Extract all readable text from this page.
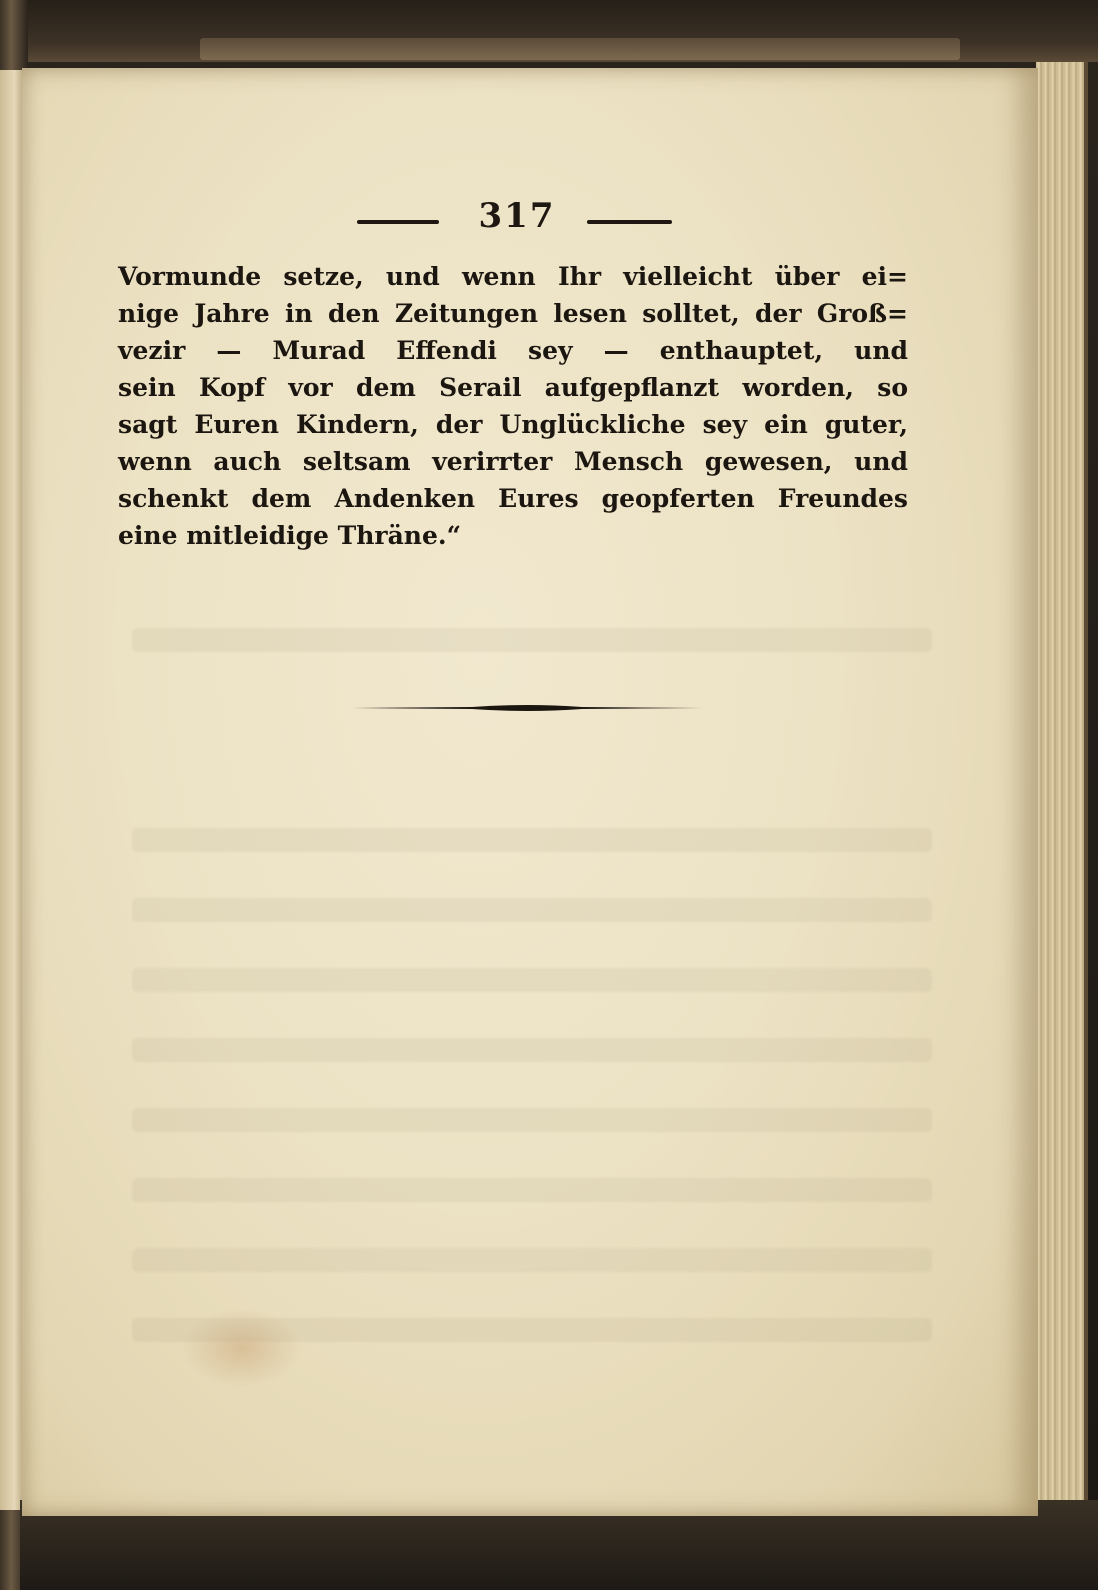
317
Vormunde setze, und wenn Ihr vielleicht über ei=
nige Jahre in den Zeitungen lesen solltet, der Groß=
vezir — Murad Effendi sey — enthauptet, und
sein Kopf vor dem Serail aufgepflanzt worden, so
sagt Euren Kindern, der Unglückliche sey ein guter,
wenn auch seltsam verirrter Mensch gewesen, und
schenkt dem Andenken Eures geopferten Freundes
eine mitleidige Thräne.“
